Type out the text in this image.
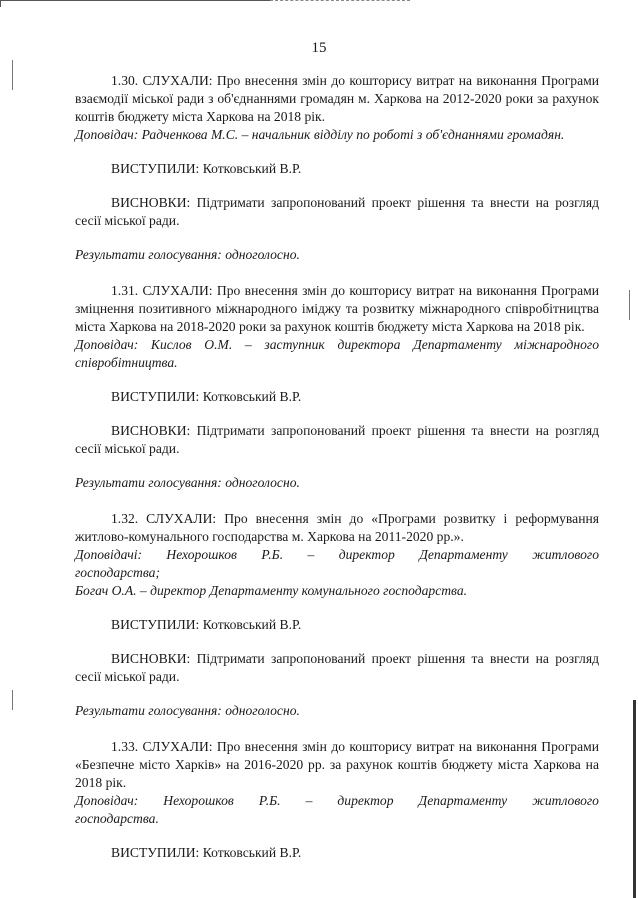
15

1.30. СЛУХАЛИ: Про внесення змін до кошторису витрат на виконання Програми взаємодії міської ради з об'єднаннями громадян м. Харкова на 2012-2020 роки за рахунок коштів бюджету міста Харкова на 2018 рік.

Доповідач: Радченкова М.С. – начальник відділу по роботі з об'єднаннями громадян.

ВИСТУПИЛИ: Котковський В.Р.

ВИСНОВКИ: Підтримати запропонований проект рішення та внести на розгляд сесії міської ради.

Результати голосування: одноголосно.

1.31. СЛУХАЛИ: Про внесення змін до кошторису витрат на виконання Програми зміцнення позитивного міжнародного іміджу та розвитку міжнародного співробітництва міста Харкова на 2018-2020 роки за рахунок коштів бюджету міста Харкова на 2018 рік.

Доповідач: Кислов О.М. – заступник директора Департаменту міжнародного співробітництва.

ВИСТУПИЛИ: Котковський В.Р.

ВИСНОВКИ: Підтримати запропонований проект рішення та внести на розгляд сесії міської ради.

Результати голосування: одноголосно.

1.32. СЛУХАЛИ: Про внесення змін до «Програми розвитку і реформування житлово-комунального господарства м. Харкова на 2011-2020 рр.».

Доповідачі: Нехорошков Р.Б. – директор Департаменту житлового

господарства;

Богач О.А. – директор Департаменту комунального господарства.

ВИСТУПИЛИ: Котковський В.Р.

ВИСНОВКИ: Підтримати запропонований проект рішення та внести на розгляд сесії міської ради.

Результати голосування: одноголосно.

1.33. СЛУХАЛИ: Про внесення змін до кошторису витрат на виконання Програми «Безпечне місто Харків» на 2016-2020 рр. за рахунок коштів бюджету міста Харкова на 2018 рік.

Доповідач: Нехорошков Р.Б. – директор Департаменту житлового

господарства.

ВИСТУПИЛИ: Котковський В.Р.
